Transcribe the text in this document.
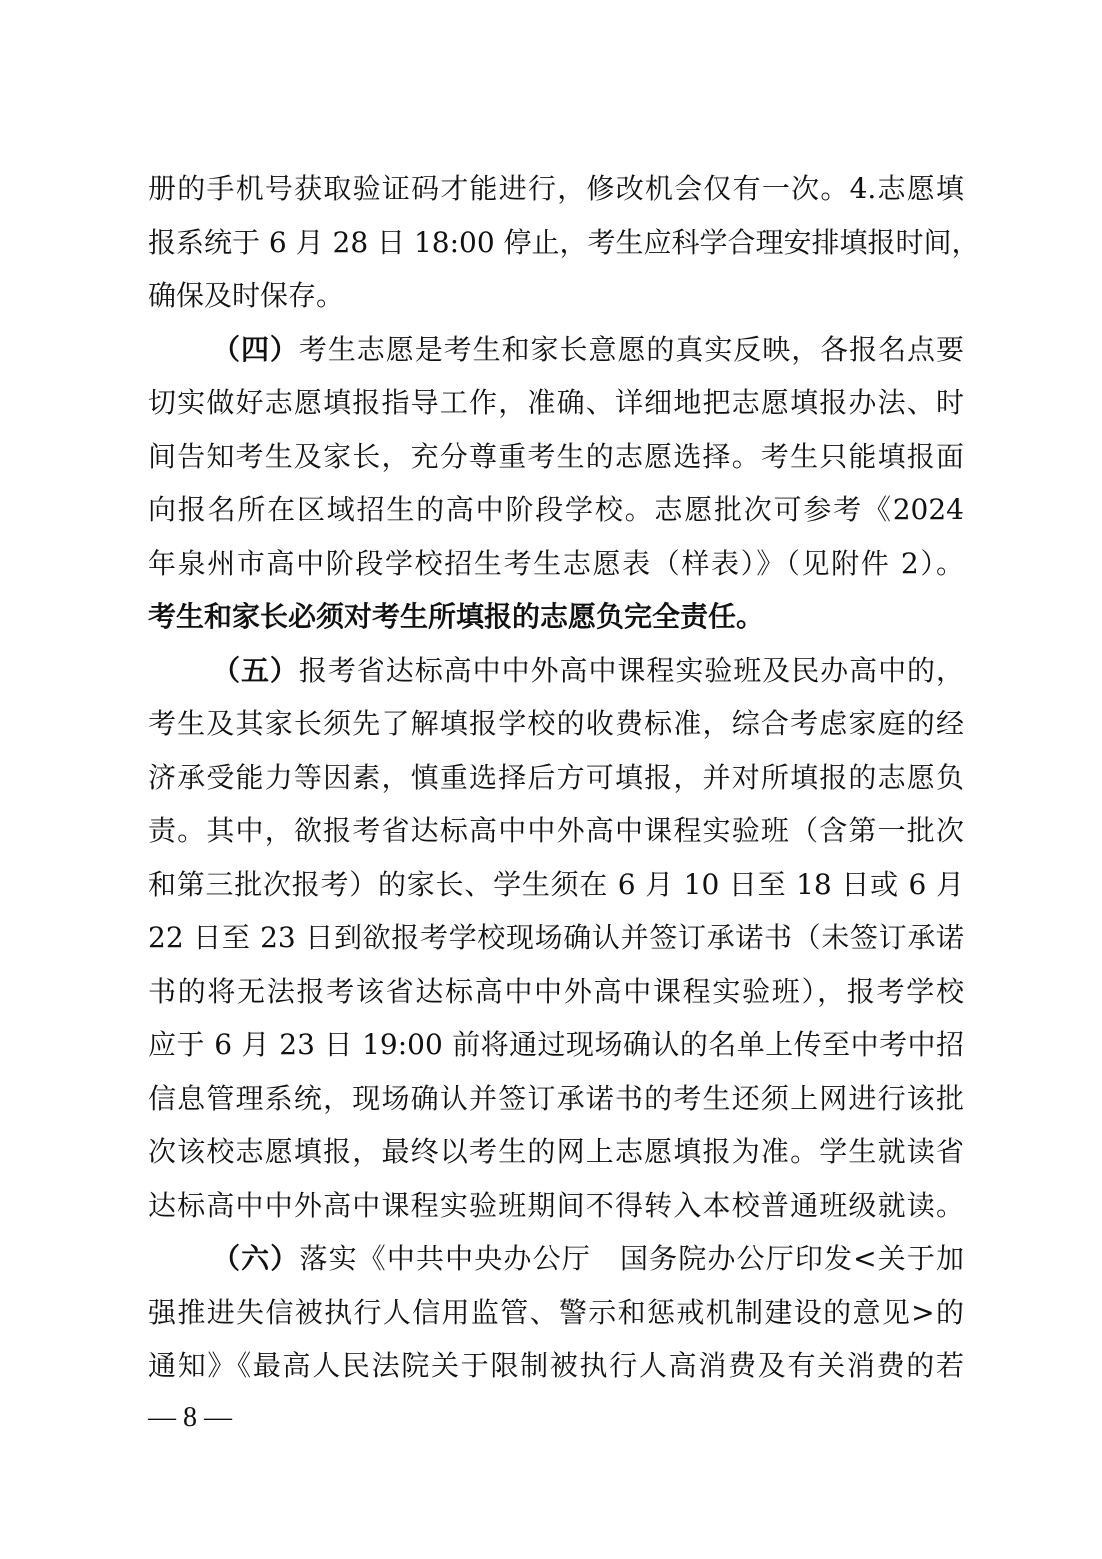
册的手机号获取验证码才能进行，修改机会仅有一次。4.志愿填
报系统于 6 月 28 日 18:00 停止，考生应科学合理安排填报时间，
确保及时保存。
（四）考生志愿是考生和家长意愿的真实反映，各报名点要
切实做好志愿填报指导工作，准确、详细地把志愿填报办法、时
间告知考生及家长，充分尊重考生的志愿选择。考生只能填报面
向报名所在区域招生的高中阶段学校。志愿批次可参考《2024
年泉州市高中阶段学校招生考生志愿表（样表）》（见附件 2）。
考生和家长必须对考生所填报的志愿负完全责任。
（五）报考省达标高中中外高中课程实验班及民办高中的，
考生及其家长须先了解填报学校的收费标准，综合考虑家庭的经
济承受能力等因素，慎重选择后方可填报，并对所填报的志愿负
责。其中，欲报考省达标高中中外高中课程实验班（含第一批次
和第三批次报考）的家长、学生须在 6 月 10 日至 18 日或 6 月
22 日至 23 日到欲报考学校现场确认并签订承诺书（未签订承诺
书的将无法报考该省达标高中中外高中课程实验班），报考学校
应于 6 月 23 日 19:00 前将通过现场确认的名单上传至中考中招
信息管理系统，现场确认并签订承诺书的考生还须上网进行该批
次该校志愿填报，最终以考生的网上志愿填报为准。学生就读省
达标高中中外高中课程实验班期间不得转入本校普通班级就读。
（六）落实《中共中央办公厅　国务院办公厅印发<关于加
强推进失信被执行人信用监管、警示和惩戒机制建设的意见>的
通知》《最高人民法院关于限制被执行人高消费及有关消费的若
— 8 —
